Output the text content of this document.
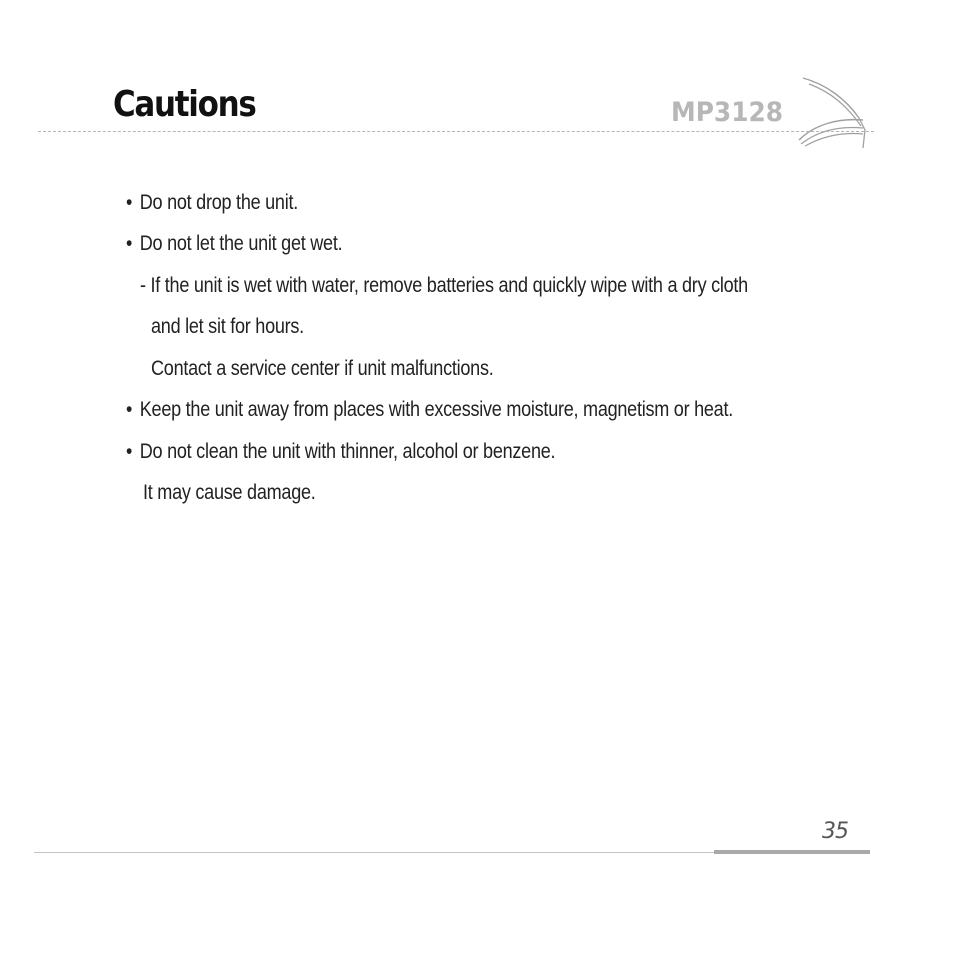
Cautions	MP3128
• Do not drop the unit.
• Do not let the unit get wet.
- If the unit is wet with water, remove batteries and quickly wipe with a dry cloth
and let sit for hours.
Contact a service center if unit malfunctions.
• Keep the unit away from places with excessive moisture, magnetism or heat.
• Do not clean the unit with thinner, alcohol or benzene.
It may cause damage.
35
